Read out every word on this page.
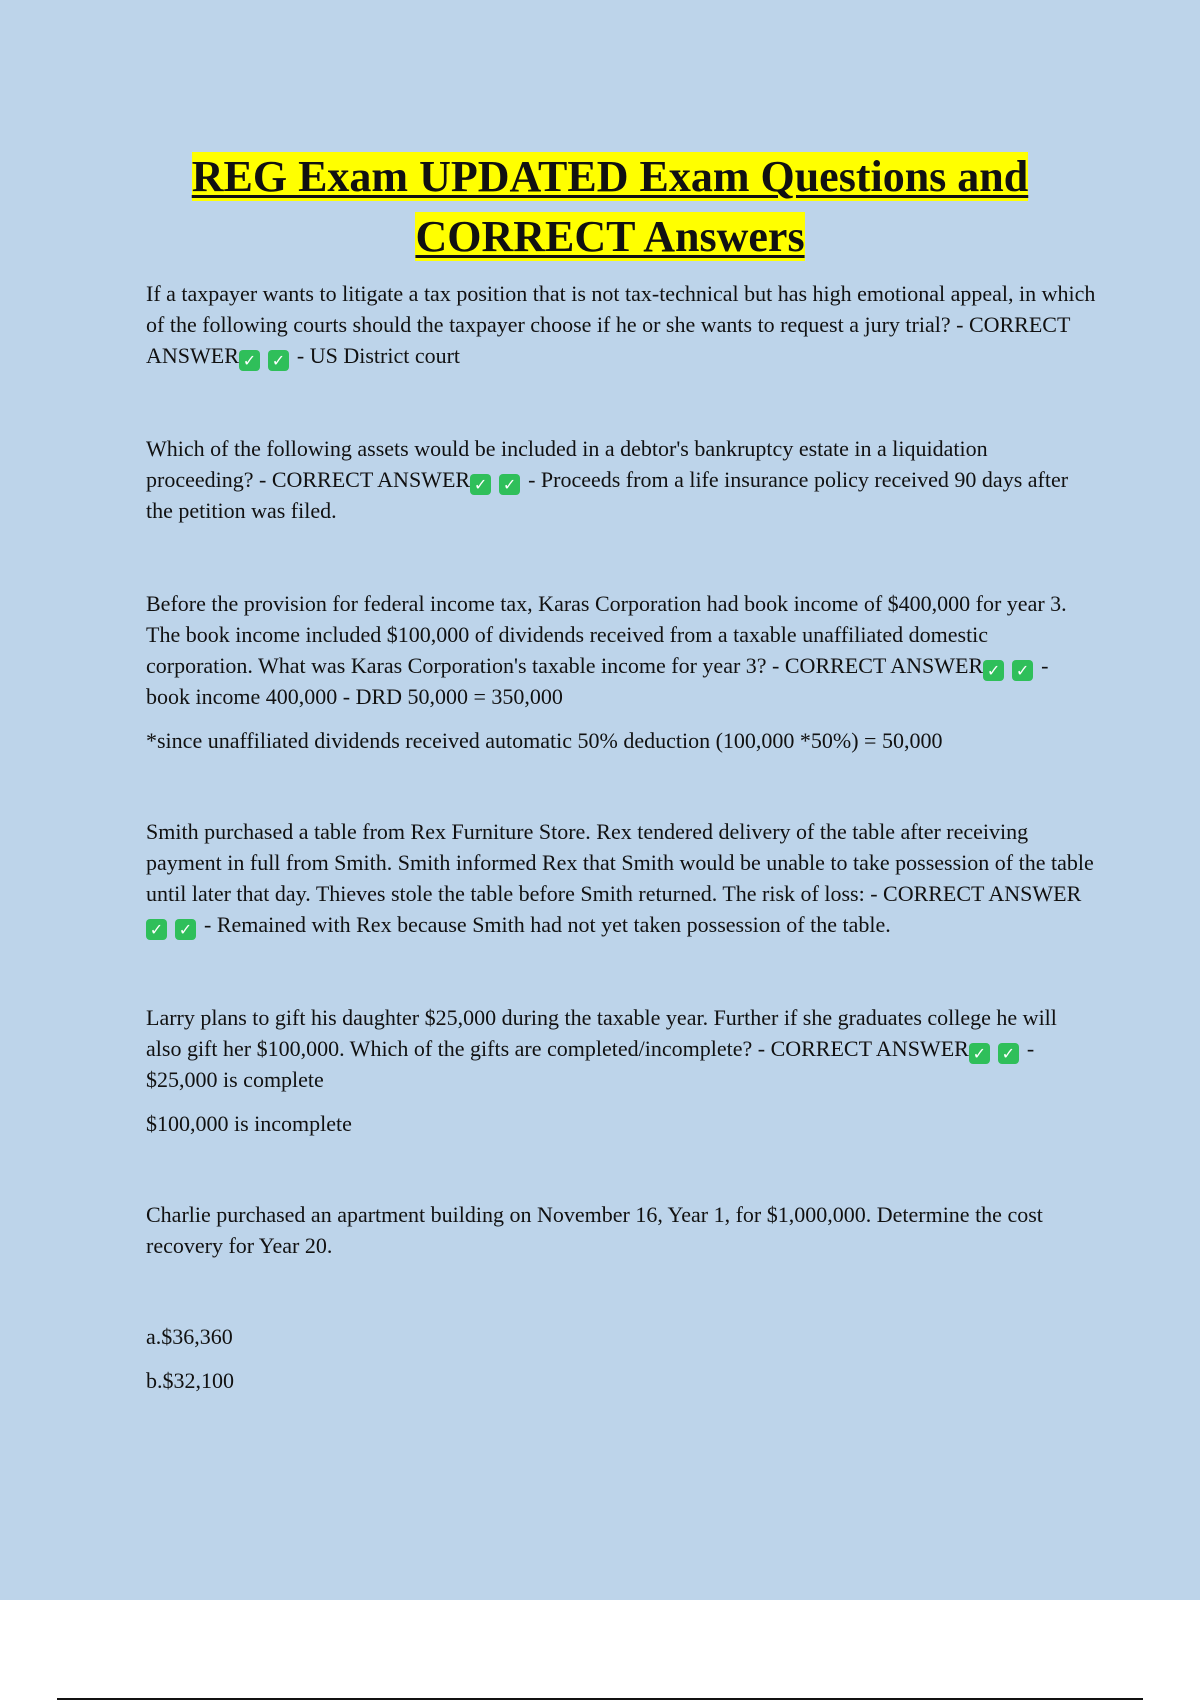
REG Exam UPDATED Exam Questions and
CORRECT Answers

If a taxpayer wants to litigate a tax position that is not tax-technical but has high emotional appeal, in which of the following courts should the taxpayer choose if he or she wants to request a jury trial? - CORRECT ANSWER ✓ ✓ - US District court

Which of the following assets would be included in a debtor's bankruptcy estate in a liquidation proceeding? - CORRECT ANSWER ✓ ✓ - Proceeds from a life insurance policy received 90 days after the petition was filed.

Before the provision for federal income tax, Karas Corporation had book income of $400,000 for year 3. The book income included $100,000 of dividends received from a taxable unaffiliated domestic corporation. What was Karas Corporation's taxable income for year 3? - CORRECT ANSWER ✓ ✓ - book income 400,000 - DRD 50,000 = 350,000

*since unaffiliated dividends received automatic 50% deduction (100,000 *50%) = 50,000

Smith purchased a table from Rex Furniture Store. Rex tendered delivery of the table after receiving payment in full from Smith. Smith informed Rex that Smith would be unable to take possession of the table until later that day. Thieves stole the table before Smith returned. The risk of loss: - CORRECT ANSWER✓ ✓ - Remained with Rex because Smith had not yet taken possession of the table.

Larry plans to gift his daughter $25,000 during the taxable year. Further if she graduates college he will also gift her $100,000. Which of the gifts are completed/incomplete? - CORRECT ANSWER ✓ ✓ - $25,000 is complete

$100,000 is incomplete

Charlie purchased an apartment building on November 16, Year 1, for $1,000,000. Determine the cost recovery for Year 20.

a.$36,360

b.$32,100
